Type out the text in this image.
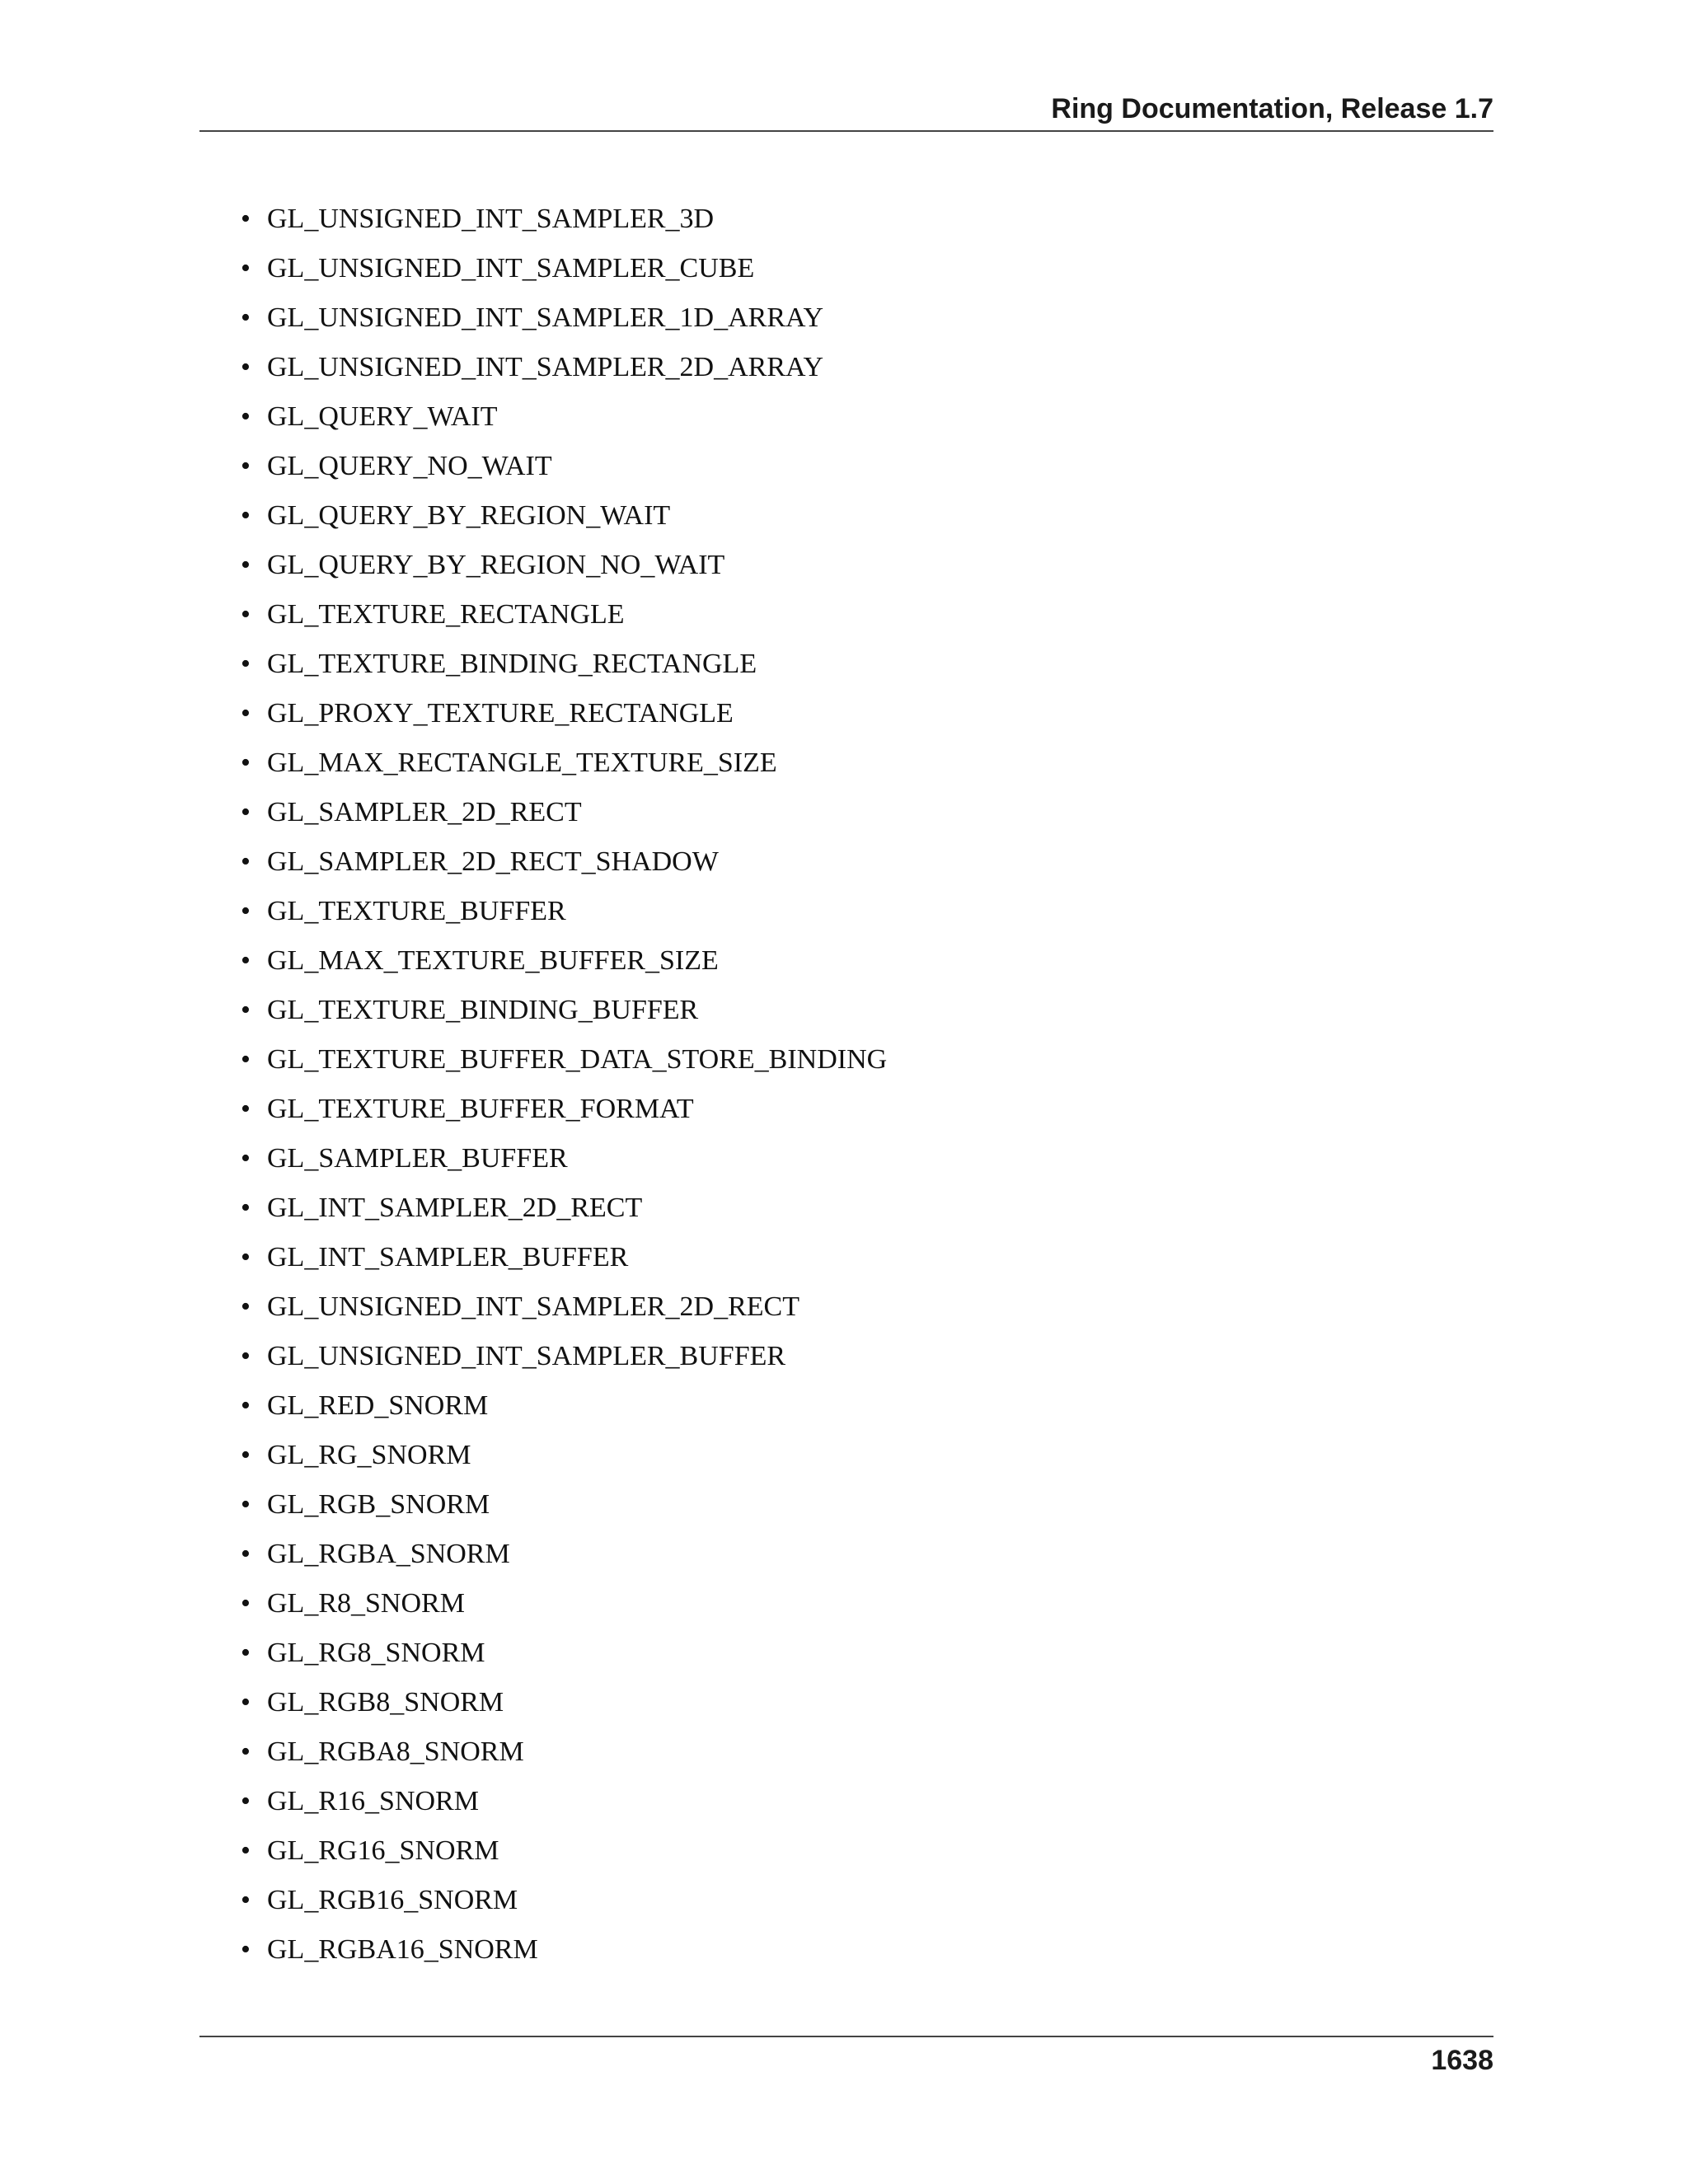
Ring Documentation, Release 1.7
• GL_UNSIGNED_INT_SAMPLER_3D
• GL_UNSIGNED_INT_SAMPLER_CUBE
• GL_UNSIGNED_INT_SAMPLER_1D_ARRAY
• GL_UNSIGNED_INT_SAMPLER_2D_ARRAY
• GL_QUERY_WAIT
• GL_QUERY_NO_WAIT
• GL_QUERY_BY_REGION_WAIT
• GL_QUERY_BY_REGION_NO_WAIT
• GL_TEXTURE_RECTANGLE
• GL_TEXTURE_BINDING_RECTANGLE
• GL_PROXY_TEXTURE_RECTANGLE
• GL_MAX_RECTANGLE_TEXTURE_SIZE
• GL_SAMPLER_2D_RECT
• GL_SAMPLER_2D_RECT_SHADOW
• GL_TEXTURE_BUFFER
• GL_MAX_TEXTURE_BUFFER_SIZE
• GL_TEXTURE_BINDING_BUFFER
• GL_TEXTURE_BUFFER_DATA_STORE_BINDING
• GL_TEXTURE_BUFFER_FORMAT
• GL_SAMPLER_BUFFER
• GL_INT_SAMPLER_2D_RECT
• GL_INT_SAMPLER_BUFFER
• GL_UNSIGNED_INT_SAMPLER_2D_RECT
• GL_UNSIGNED_INT_SAMPLER_BUFFER
• GL_RED_SNORM
• GL_RG_SNORM
• GL_RGB_SNORM
• GL_RGBA_SNORM
• GL_R8_SNORM
• GL_RG8_SNORM
• GL_RGB8_SNORM
• GL_RGBA8_SNORM
• GL_R16_SNORM
• GL_RG16_SNORM
• GL_RGB16_SNORM
• GL_RGBA16_SNORM
1638
